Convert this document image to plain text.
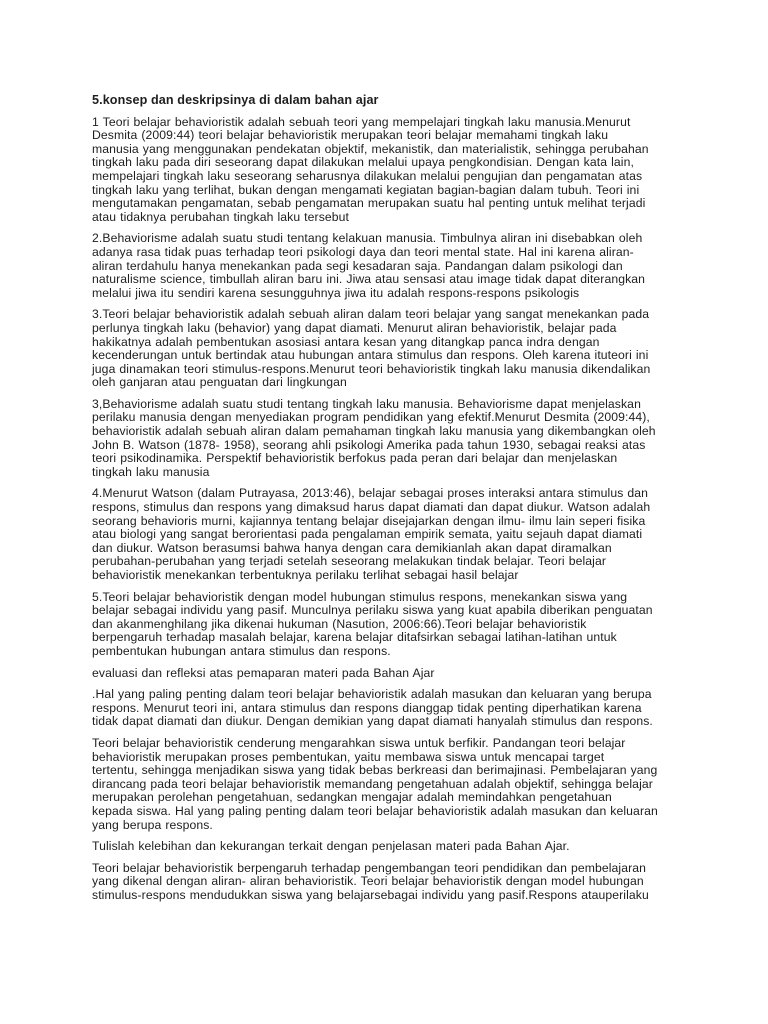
5.konsep dan deskripsinya di dalam bahan ajar
1 Teori belajar behavioristik adalah sebuah teori yang mempelajari tingkah laku manusia.Menurut
Desmita (2009:44) teori belajar behavioristik merupakan teori belajar memahami tingkah laku
manusia yang menggunakan pendekatan objektif, mekanistik, dan materialistik, sehingga perubahan
tingkah laku pada diri seseorang dapat dilakukan melalui upaya pengkondisian. Dengan kata lain,
mempelajari tingkah laku seseorang seharusnya dilakukan melalui pengujian dan pengamatan atas
tingkah laku yang terlihat, bukan dengan mengamati kegiatan bagian-bagian dalam tubuh. Teori ini
mengutamakan pengamatan, sebab pengamatan merupakan suatu hal penting untuk melihat terjadi
atau tidaknya perubahan tingkah laku tersebut
2.Behaviorisme adalah suatu studi tentang kelakuan manusia. Timbulnya aliran ini disebabkan oleh
adanya rasa tidak puas terhadap teori psikologi daya dan teori mental state. Hal ini karena aliran-
aliran terdahulu hanya menekankan pada segi kesadaran saja. Pandangan dalam psikologi dan
naturalisme science, timbullah aliran baru ini. Jiwa atau sensasi atau image tidak dapat diterangkan
melalui jiwa itu sendiri karena sesungguhnya jiwa itu adalah respons-respons psikologis
3.Teori belajar behavioristik adalah sebuah aliran dalam teori belajar yang sangat menekankan pada
perlunya tingkah laku (behavior) yang dapat diamati. Menurut aliran behavioristik, belajar pada
hakikatnya adalah pembentukan asosiasi antara kesan yang ditangkap panca indra dengan
kecenderungan untuk bertindak atau hubungan antara stimulus dan respons. Oleh karena ituteori ini
juga dinamakan teori stimulus-respons.Menurut teori behavioristik tingkah laku manusia dikendalikan
oleh ganjaran atau penguatan dari lingkungan
3,Behaviorisme adalah suatu studi tentang tingkah laku manusia. Behaviorisme dapat menjelaskan
perilaku manusia dengan menyediakan program pendidikan yang efektif.Menurut Desmita (2009:44),
behavioristik adalah sebuah aliran dalam pemahaman tingkah laku manusia yang dikembangkan oleh
John B. Watson (1878- 1958), seorang ahli psikologi Amerika pada tahun 1930, sebagai reaksi atas
teori psikodinamika. Perspektif behavioristik berfokus pada peran dari belajar dan menjelaskan
tingkah laku manusia
4.Menurut Watson (dalam Putrayasa, 2013:46), belajar sebagai proses interaksi antara stimulus dan
respons, stimulus dan respons yang dimaksud harus dapat diamati dan dapat diukur. Watson adalah
seorang behavioris murni, kajiannya tentang belajar disejajarkan dengan ilmu- ilmu lain seperi fisika
atau biologi yang sangat berorientasi pada pengalaman empirik semata, yaitu sejauh dapat diamati
dan diukur. Watson berasumsi bahwa hanya dengan cara demikianlah akan dapat diramalkan
perubahan-perubahan yang terjadi setelah seseorang melakukan tindak belajar. Teori belajar
behavioristik menekankan terbentuknya perilaku terlihat sebagai hasil belajar
5.Teori belajar behavioristik dengan model hubungan stimulus respons, menekankan siswa yang
belajar sebagai individu yang pasif. Munculnya perilaku siswa yang kuat apabila diberikan penguatan
dan akanmenghilang jika dikenai hukuman (Nasution, 2006:66).Teori belajar behavioristik
berpengaruh terhadap masalah belajar, karena belajar ditafsirkan sebagai latihan-latihan untuk
pembentukan hubungan antara stimulus dan respons.
evaluasi dan refleksi atas pemaparan materi pada Bahan Ajar
.Hal yang paling penting dalam teori belajar behavioristik adalah masukan dan keluaran yang berupa
respons. Menurut teori ini, antara stimulus dan respons dianggap tidak penting diperhatikan karena
tidak dapat diamati dan diukur. Dengan demikian yang dapat diamati hanyalah stimulus dan respons.
Teori belajar behavioristik cenderung mengarahkan siswa untuk berfikir. Pandangan teori belajar
behavioristik merupakan proses pembentukan, yaitu membawa siswa untuk mencapai target
tertentu, sehingga menjadikan siswa yang tidak bebas berkreasi dan berimajinasi. Pembelajaran yang
dirancang pada teori belajar behavioristik memandang pengetahuan adalah objektif, sehingga belajar
merupakan perolehan pengetahuan, sedangkan mengajar adalah memindahkan pengetahuan
kepada siswa. Hal yang paling penting dalam teori belajar behavioristik adalah masukan dan keluaran
yang berupa respons.
Tulislah kelebihan dan kekurangan terkait dengan penjelasan materi pada Bahan Ajar.
Teori belajar behavioristik berpengaruh terhadap pengembangan teori pendidikan dan pembelajaran
yang dikenal dengan aliran- aliran behavioristik. Teori belajar behavioristik dengan model hubungan
stimulus-respons mendudukkan siswa yang belajarsebagai individu yang pasif.Respons atauperilaku
